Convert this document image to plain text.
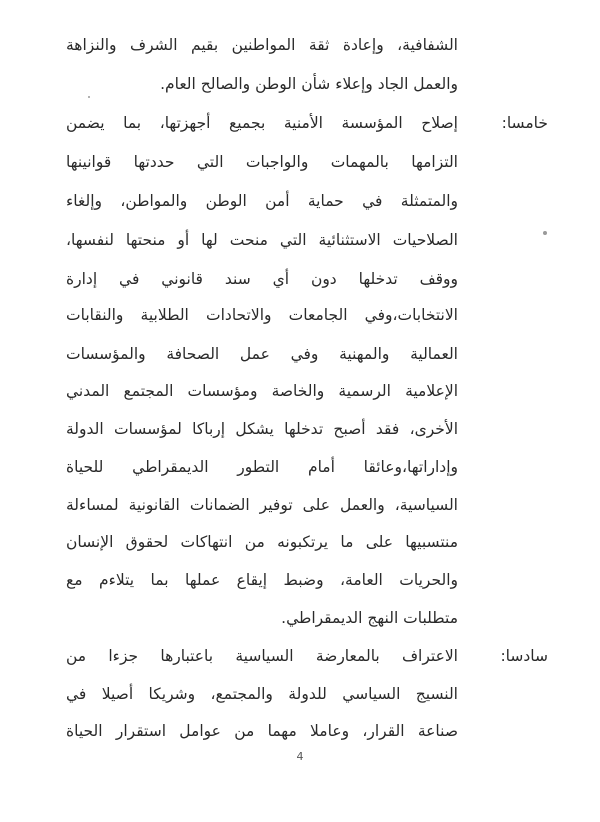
الشفافية، وإعادة ثقة المواطنين بقيم الشرف والنزاهة
والعمل الجاد وإعلاء شأن الوطن والصالح العام.
خامسا:
إصلاح المؤسسة الأمنية بجميع أجهزتها، بما يضمن
التزامها بالمهمات والواجبات التي حددتها قوانينها
والمتمثلة في حماية أمن الوطن والمواطن، وإلغاء
الصلاحيات الاستثنائية التي منحت لها أو منحتها لنفسها،
ووقف تدخلها دون أي سند قانوني في إدارة
الانتخابات،وفي الجامعات والاتحادات الطلابية والنقابات
العمالية والمهنية وفي عمل الصحافة والمؤسسات
الإعلامية الرسمية والخاصة ومؤسسات المجتمع المدني
الأخرى، فقد أصبح تدخلها يشكل إرباكا لمؤسسات الدولة
وإداراتها،وعائقا أمام التطور الديمقراطي للحياة
السياسية، والعمل على توفير الضمانات القانونية لمساءلة
منتسبيها على ما يرتكبونه من انتهاكات لحقوق الإنسان
والحريات العامة، وضبط إيقاع عملها بما يتلاءم مع
متطلبات النهج الديمقراطي.
سادسا:
الاعتراف بالمعارضة السياسية باعتبارها جزءا من
النسيج السياسي للدولة والمجتمع، وشريكا أصيلا في
صناعة القرار، وعاملا مهما من عوامل استقرار الحياة
4
